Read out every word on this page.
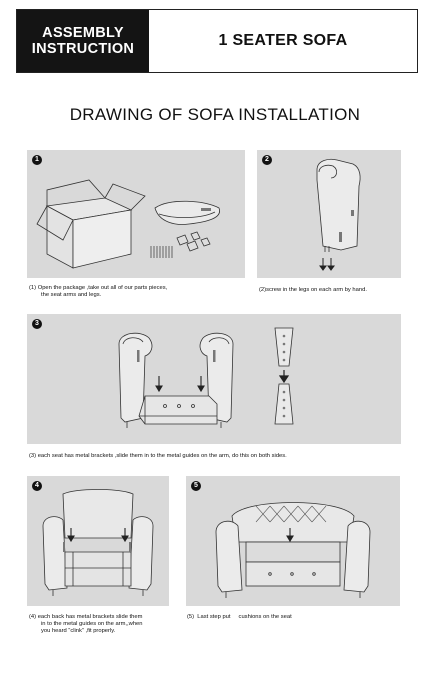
ASSEMBLY
INSTRUCTION	1 SEATER SOFA
DRAWING OF SOFA INSTALLATION
1
(1) Open the package ,take out all of our parts pieces,
the seat arms and legs.
2
(2)screw in the legs on each arm by hand.
3
(3) each seat has metal brackets ,slide them in to the metal guides on the arm, do this on both sides.
4
(4) each back has metal brackets slide them
in to the metal guides on the arm,,when
you heard “clink” ,fit properly.
5
(5)  Last step put     cushions on the seat
